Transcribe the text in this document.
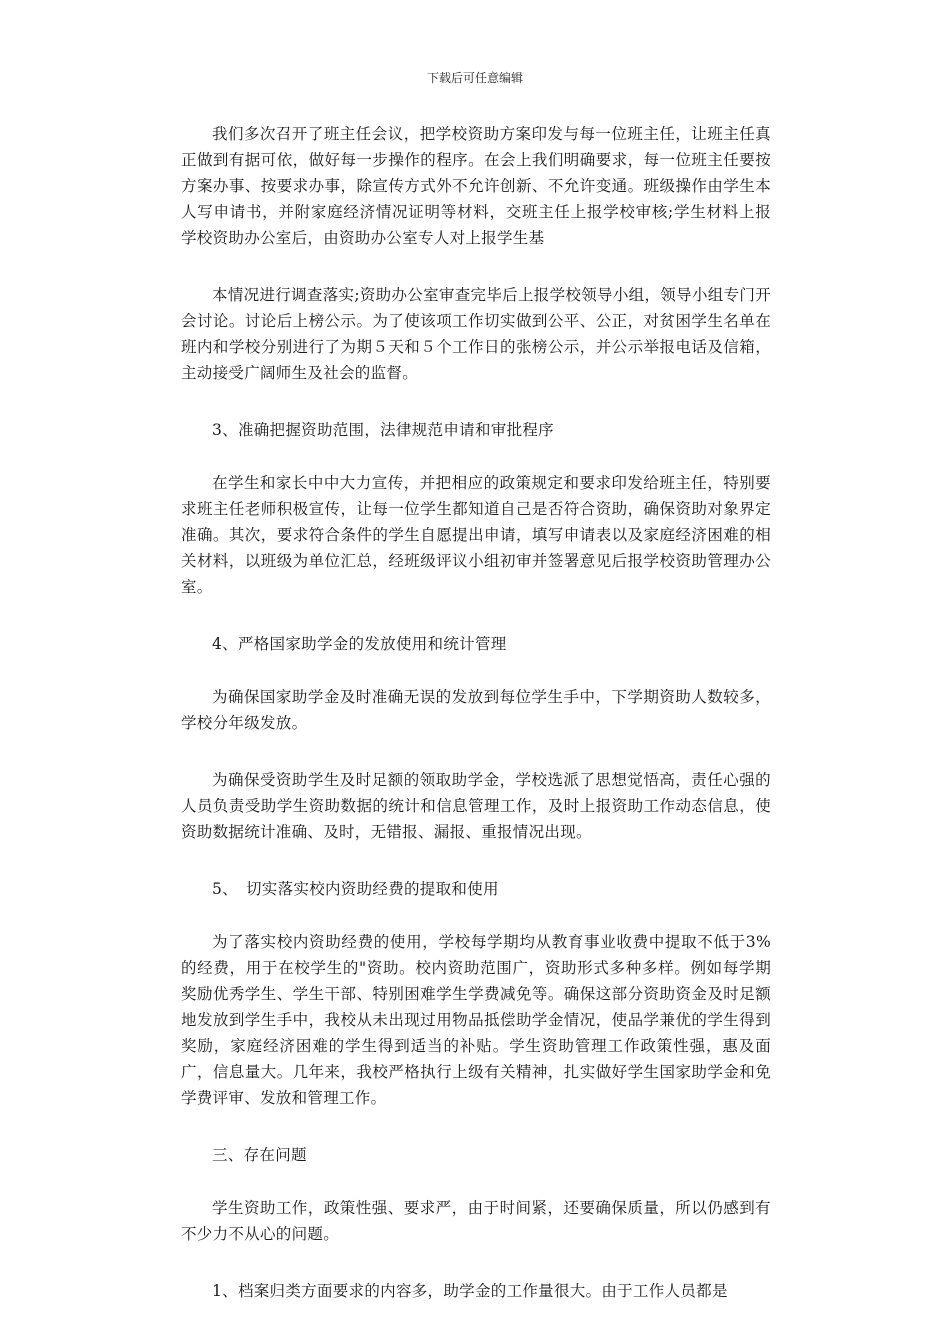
下载后可任意编辑

我们多次召开了班主任会议，把学校资助方案印发与每一位班主任，让班主任真正做到有据可依，做好每一步操作的程序。在会上我们明确要求，每一位班主任要按方案办事、按要求办事，除宣传方式外不允许创新、不允许变通。班级操作由学生本人写申请书，并附家庭经济情况证明等材料，交班主任上报学校审核;学生材料上报学校资助办公室后，由资助办公室专人对上报学生基

本情况进行调查落实;资助办公室审查完毕后上报学校领导小组，领导小组专门开会讨论。讨论后上榜公示。为了使该项工作切实做到公平、公正，对贫困学生名单在班内和学校分别进行了为期５天和５个工作日的张榜公示，并公示举报电话及信箱，主动接受广阔师生及社会的监督。

3、准确把握资助范围，法律规范申请和审批程序

在学生和家长中中大力宣传，并把相应的政策规定和要求印发给班主任，特别要求班主任老师积极宣传，让每一位学生都知道自己是否符合资助，确保资助对象界定准确。其次，要求符合条件的学生自愿提出申请，填写申请表以及家庭经济困难的相关材料，以班级为单位汇总，经班级评议小组初审并签署意见后报学校资助管理办公室。

4、严格国家助学金的发放使用和统计管理

为确保国家助学金及时准确无误的发放到每位学生手中，下学期资助人数较多，学校分年级发放。

为确保受资助学生及时足额的领取助学金，学校选派了思想觉悟高，责任心强的人员负责受助学生资助数据的统计和信息管理工作，及时上报资助工作动态信息，使资助数据统计准确、及时，无错报、漏报、重报情况出现。

5、　切实落实校内资助经费的提取和使用

为了落实校内资助经费的使用，学校每学期均从教育事业收费中提取不低于3%的经费，用于在校学生的"资助。校内资助范围广，资助形式多种多样。例如每学期奖励优秀学生、学生干部、特别困难学生学费减免等。确保这部分资助资金及时足额地发放到学生手中，我校从未出现过用物品抵偿助学金情况，使品学兼优的学生得到奖励，家庭经济困难的学生得到适当的补贴。学生资助管理工作政策性强，惠及面广，信息量大。几年来，我校严格执行上级有关精神，扎实做好学生国家助学金和免学费评审、发放和管理工作。

三、存在问题

学生资助工作，政策性强、要求严，由于时间紧，还要确保质量，所以仍感到有不少力不从心的问题。

1、档案归类方面要求的内容多，助学金的工作量很大。由于工作人员都是
